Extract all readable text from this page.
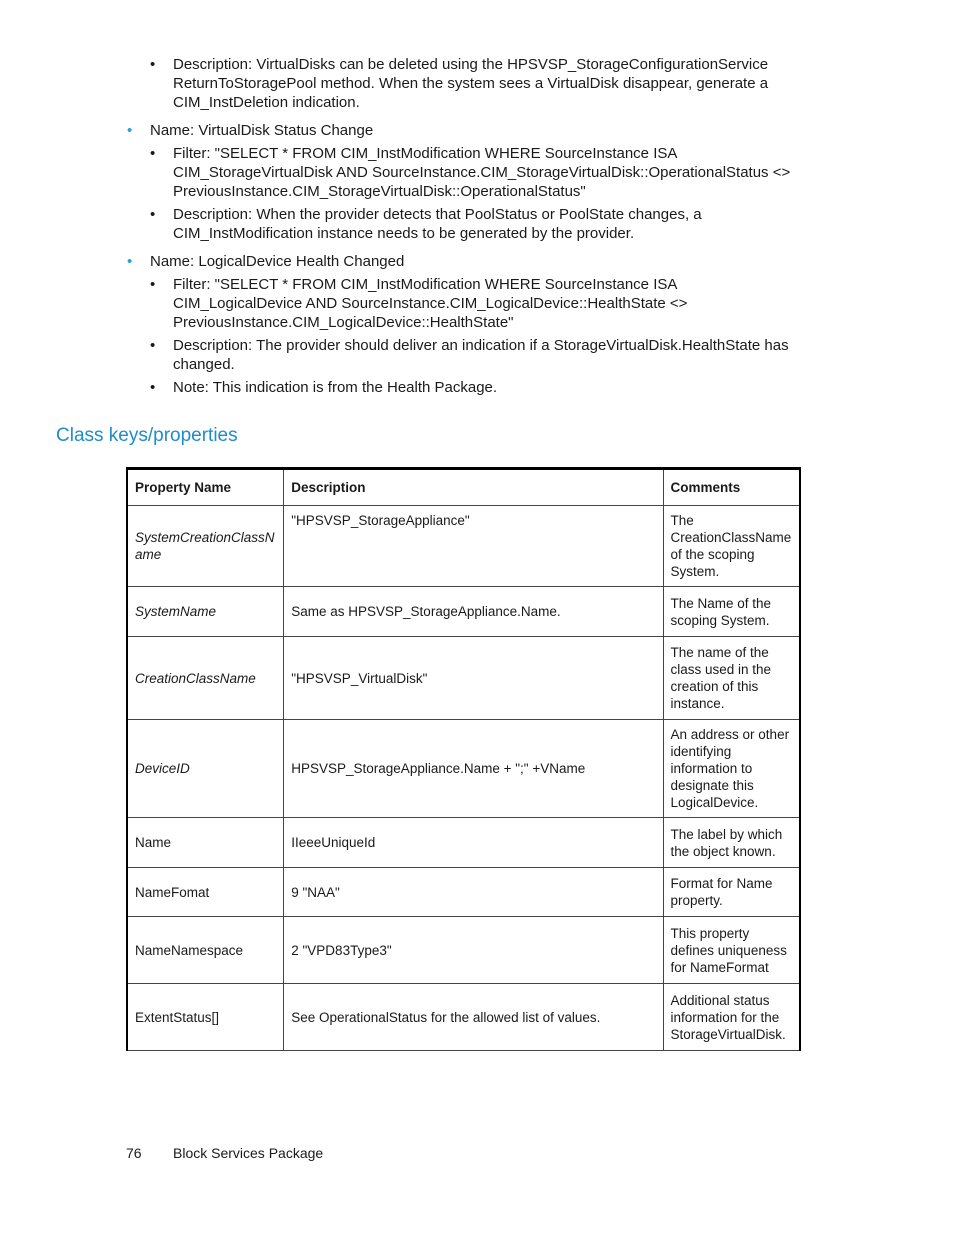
• Description: VirtualDisks can be deleted using the HPSVSP_StorageConfigurationService ReturnToStoragePool method. When the system sees a VirtualDisk disappear, generate a CIM_InstDeletion indication.

• Name: VirtualDisk Status Change

• Filter: "SELECT * FROM CIM_InstModification WHERE SourceInstance ISA CIM_StorageVirtualDisk AND SourceInstance.CIM_StorageVirtualDisk::OperationalStatus <> PreviousInstance.CIM_StorageVirtualDisk::OperationalStatus"

• Description: When the provider detects that PoolStatus or PoolState changes, a CIM_InstModification instance needs to be generated by the provider.

• Name: LogicalDevice Health Changed

• Filter: "SELECT * FROM CIM_InstModification WHERE SourceInstance ISA CIM_LogicalDevice AND SourceInstance.CIM_LogicalDevice::HealthState <> PreviousInstance.CIM_LogicalDevice::HealthState"

• Description: The provider should deliver an indication if a StorageVirtualDisk.HealthState has changed.

• Note: This indication is from the Health Package.

Class keys/properties
Property Name	Description	Comments
SystemCreationClassName	"HPSVSP_StorageAppliance"	The CreationClassName of the scoping System.
SystemName	Same as HPSVSP_StorageAppliance.Name.	The Name of the scoping System.
CreationClassName	"HPSVSP_VirtualDisk"	The name of the class used in the creation of this instance.
DeviceID	HPSVSP_StorageAppliance.Name + ";" +VName	An address or other identifying information to designate this LogicalDevice.
Name	IIeeeUniqueId	The label by which the object known.
NameFomat	9 "NAA"	Format for Name property.
NameNamespace	2 "VPD83Type3"	This property defines uniqueness for NameFormat
ExtentStatus[]	See OperationalStatus for the allowed list of values.	Additional status information for the StorageVirtualDisk.
76 Block Services Package
